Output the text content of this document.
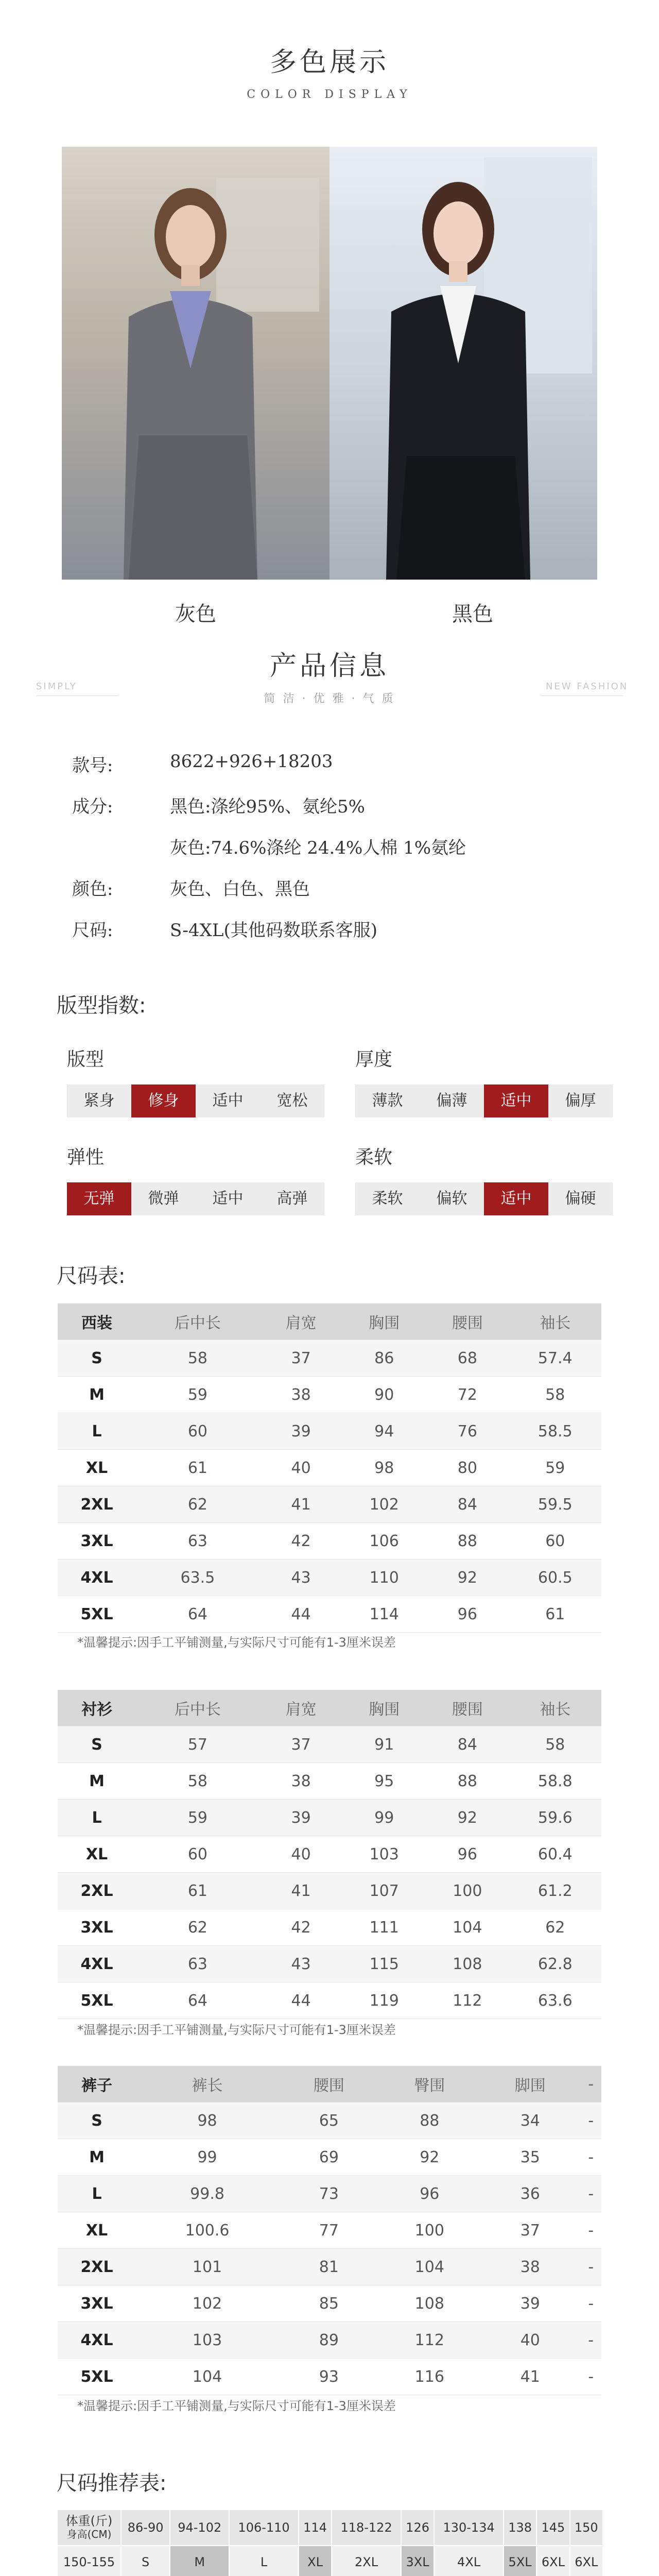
多色展示
COLOR DISPLAY
灰色	黑色
产品信息
简 洁 · 优 雅 · 气 质
SIMPLY	NEW FASHION
款号:	8622+926+18203
成分:	黑色:涤纶95%、氨纶5%
灰色:74.6%涤纶 24.4%人棉 1%氨纶
颜色:	灰色、白色、黑色
尺码:	S-4XL(其他码数联系客服)
版型指数:
版型
紧身	修身	适中	宽松
厚度
薄款	偏薄	适中	偏厚
弹性
无弹	微弹	适中	高弹
柔软
柔软	偏软	适中	偏硬
尺码表:
西装	后中长	肩宽	胸围	腰围	袖长
S	58	37	86	68	57.4
M	59	38	90	72	58
L	60	39	94	76	58.5
XL	61	40	98	80	59
2XL	62	41	102	84	59.5
3XL	63	42	106	88	60
4XL	63.5	43	110	92	60.5
5XL	64	44	114	96	61
*温馨提示:因手工平铺测量,与实际尺寸可能有1-3厘米误差
衬衫	后中长	肩宽	胸围	腰围	袖长
S	57	37	91	84	58
M	58	38	95	88	58.8
L	59	39	99	92	59.6
XL	60	40	103	96	60.4
2XL	61	41	107	100	61.2
3XL	62	42	111	104	62
4XL	63	43	115	108	62.8
5XL	64	44	119	112	63.6
*温馨提示:因手工平铺测量,与实际尺寸可能有1-3厘米误差
裤子	裤长	腰围	臀围	脚围	-
S	98	65	88	34	-
M	99	69	92	35	-
L	99.8	73	96	36	-
XL	100.6	77	100	37	-
2XL	101	81	104	38	-
3XL	102	85	108	39	-
4XL	103	89	112	40	-
5XL	104	93	116	41	-
*温馨提示:因手工平铺测量,与实际尺寸可能有1-3厘米误差
尺码推荐表:
体重(斤)
身高(CM)	86-90	94-102	106-110	114	118-122	126	130-134	138	145	150
150-155	S	M	L	XL	2XL	3XL	4XL	5XL	6XL	6XL
